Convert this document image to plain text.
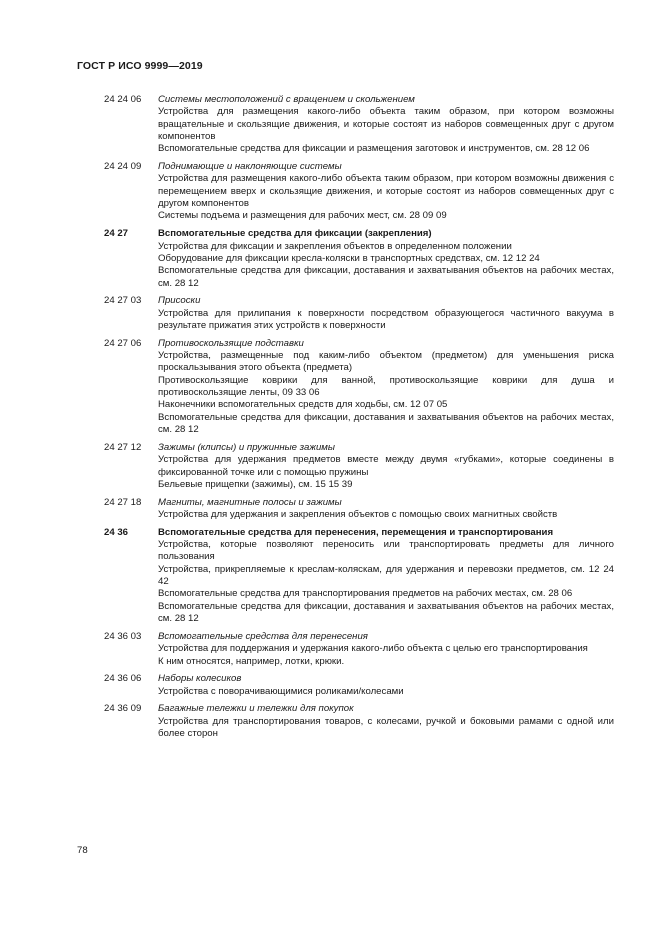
ГОСТ Р ИСО 9999—2019
24 24 06	Системы местоположений с вращением и скольжением
Устройства для размещения какого-либо объекта таким образом, при котором возможны вращательные и скользящие движения, и которые состоят из наборов совмещенных друг с другом компонентов
Вспомогательные средства для фиксации и размещения заготовок и инструментов, см. 28 12 06
24 24 09	Поднимающие и наклоняющие системы
Устройства для размещения какого-либо объекта таким образом, при котором возможны движения с перемещением вверх и скользящие движения, и которые состоят из наборов совмещенных друг с другом компонентов
Системы подъема и размещения для рабочих мест, см. 28 09 09
24 27	Вспомогательные средства для фиксации (закрепления)
Устройства для фиксации и закрепления объектов в определенном положении
Оборудование для фиксации кресла-коляски в транспортных средствах, см. 12 12 24
Вспомогательные средства для фиксации, доставания и захватывания объектов на рабочих местах, см. 28 12
24 27 03	Присоски
Устройства для прилипания к поверхности посредством образующегося частичного вакуума в результате прижатия этих устройств к поверхности
24 27 06	Противоскользящие подставки
Устройства, размещенные под каким-либо объектом (предметом) для уменьшения риска проскальзывания этого объекта (предмета)
Противоскользящие коврики для ванной, противоскользящие коврики для душа и противоскользящие ленты, 09 33 06
Наконечники вспомогательных средств для ходьбы, см. 12 07 05
Вспомогательные средства для фиксации, доставания и захватывания объектов на рабочих местах, см. 28 12
24 27 12	Зажимы (клипсы) и пружинные зажимы
Устройства для удержания предметов вместе между двумя «губками», которые соединены в фиксированной точке или с помощью пружины
Бельевые прищепки (зажимы), см. 15 15 39
24 27 18	Магниты, магнитные полосы и зажимы
Устройства для удержания и закрепления объектов с помощью своих магнитных свойств
24 36	Вспомогательные средства для перенесения, перемещения и транспортирования
Устройства, которые позволяют переносить или транспортировать предметы для личного пользования
Устройства, прикрепляемые к креслам-коляскам, для удержания и перевозки предметов, см. 12 24 42
Вспомогательные средства для транспортирования предметов на рабочих местах, см. 28 06
Вспомогательные средства для фиксации, доставания и захватывания объектов на рабочих местах, см. 28 12
24 36 03	Вспомогательные средства для перенесения
Устройства для поддержания и удержания какого-либо объекта с целью его транспортирования
К ним относятся, например, лотки, крюки.
24 36 06	Наборы колесиков
Устройства с поворачивающимися роликами/колесами
24 36 09	Багажные тележки и тележки для покупок
Устройства для транспортирования товаров, с колесами, ручкой и боковыми рамами с одной или более сторон
78
